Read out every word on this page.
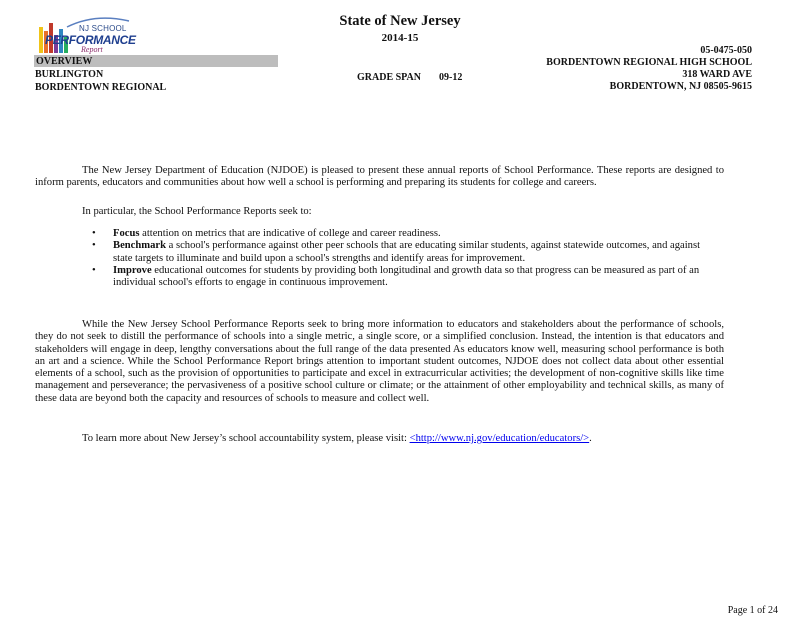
NJ SCHOOL
PERFORMANCE
Report
State of New Jersey
2014-15
OVERVIEW
BURLINGTON
BORDENTOWN REGIONAL
GRADE SPAN 09-12
05-0475-050
BORDENTOWN REGIONAL HIGH SCHOOL
318 WARD AVE
BORDENTOWN, NJ 08505-9615
The New Jersey Department of Education (NJDOE) is pleased to present these annual reports of School Performance. These reports are designed to inform parents, educators and communities about how well a school is performing and preparing its students for college and careers.
In particular, the School Performance Reports seek to:
• Focus attention on metrics that are indicative of college and career readiness.
• Benchmark a school's performance against other peer schools that are educating similar students, against statewide outcomes, and against state targets to illuminate and build upon a school's strengths and identify areas for improvement.
• Improve educational outcomes for students by providing both longitudinal and growth data so that progress can be measured as part of an individual school's efforts to engage in continuous improvement.
While the New Jersey School Performance Reports seek to bring more information to educators and stakeholders about the performance of schools, they do not seek to distill the performance of schools into a single metric, a single score, or a simplified conclusion. Instead, the intention is that educators and stakeholders will engage in deep, lengthy conversations about the full range of the data presented As educators know well, measuring school performance is both an art and a science. While the School Performance Report brings attention to important student outcomes, NJDOE does not collect data about other essential elements of a school, such as the provision of opportunities to participate and excel in extracurricular activities; the development of non-cognitive skills like time management and perseverance; the pervasiveness of a positive school culture or climate; or the attainment of other employability and technical skills, as many of these data are beyond both the capacity and resources of schools to measure and collect well.
To learn more about New Jersey’s school accountability system, please visit: <http://www.nj.gov/education/educators/>.
Page 1 of 24
